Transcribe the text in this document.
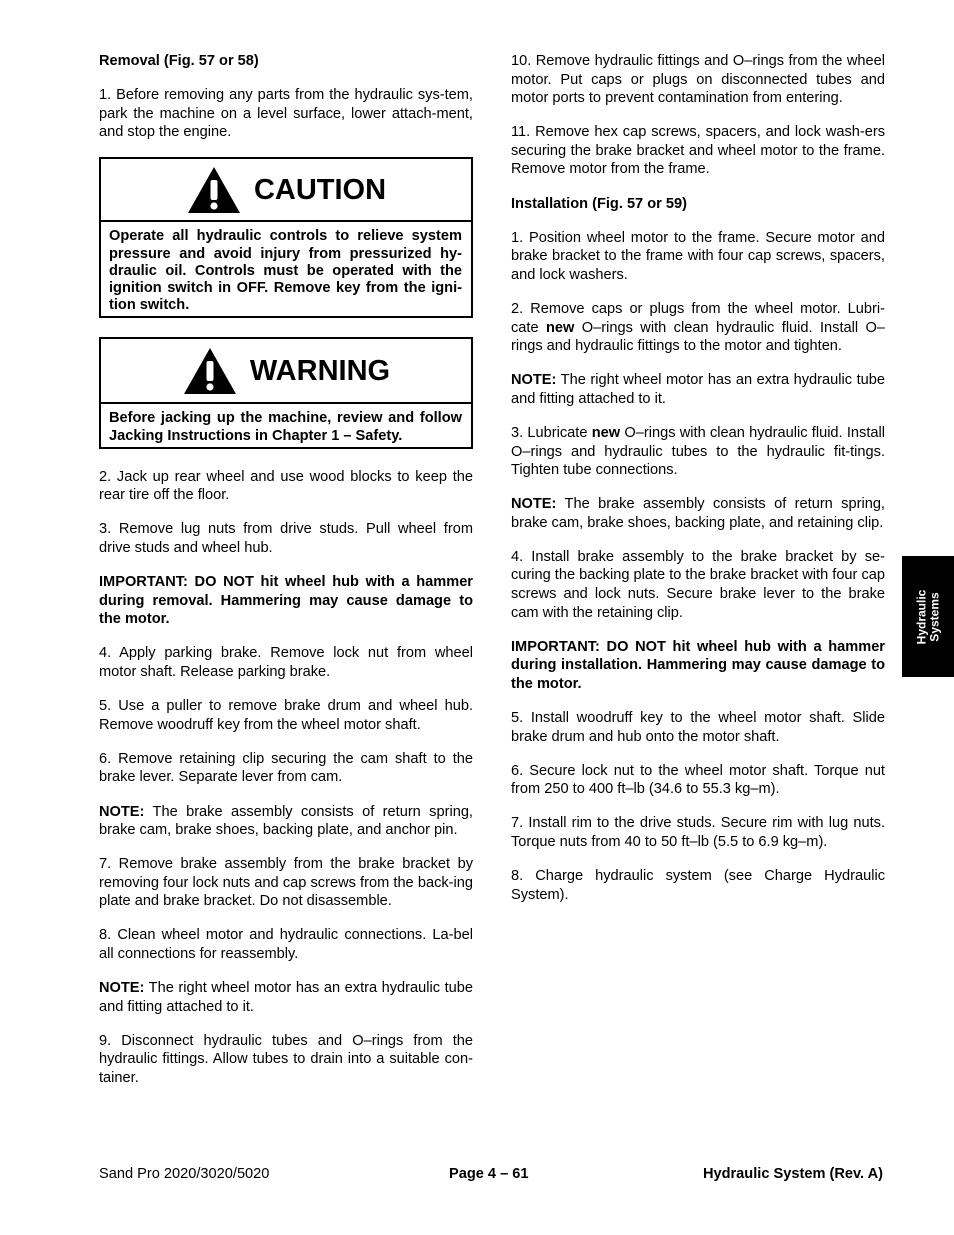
Removal (Fig. 57 or 58)
1. Before removing any parts from the hydraulic sys-tem, park the machine on a level surface, lower attach-ment, and stop the engine.
CAUTION
Operate all hydraulic controls to relieve system pressure and avoid injury from pressurized hy-draulic oil. Controls must be operated with the ignition switch in OFF. Remove key from the igni-tion switch.
WARNING
Before jacking up the machine, review and follow Jacking Instructions in Chapter 1 – Safety.
2. Jack up rear wheel and use wood blocks to keep the rear tire off the floor.
3. Remove lug nuts from drive studs. Pull wheel from drive studs and wheel hub.
IMPORTANT: DO NOT hit wheel hub with a hammer during removal. Hammering may cause damage to the motor.
4. Apply parking brake. Remove lock nut from wheel motor shaft. Release parking brake.
5. Use a puller to remove brake drum and wheel hub. Remove woodruff key from the wheel motor shaft.
6. Remove retaining clip securing the cam shaft to the brake lever. Separate lever from cam.
NOTE: The brake assembly consists of return spring, brake cam, brake shoes, backing plate, and anchor pin.
7. Remove brake assembly from the brake bracket by removing four lock nuts and cap screws from the back-ing plate and brake bracket. Do not disassemble.
8. Clean wheel motor and hydraulic connections. La-bel all connections for reassembly.
NOTE: The right wheel motor has an extra hydraulic tube and fitting attached to it.
9. Disconnect hydraulic tubes and O–rings from the hydraulic fittings. Allow tubes to drain into a suitable con-tainer.
10. Remove hydraulic fittings and O–rings from the wheel motor. Put caps or plugs on disconnected tubes and motor ports to prevent contamination from entering.
11. Remove hex cap screws, spacers, and lock wash-ers securing the brake bracket and wheel motor to the frame. Remove motor from the frame.
Installation (Fig. 57 or 59)
1. Position wheel motor to the frame. Secure motor and brake bracket to the frame with four cap screws, spacers, and lock washers.
2. Remove caps or plugs from the wheel motor. Lubri-cate new O–rings with clean hydraulic fluid. Install O–rings and hydraulic fittings to the motor and tighten.
NOTE: The right wheel motor has an extra hydraulic tube and fitting attached to it.
3. Lubricate new O–rings with clean hydraulic fluid. Install O–rings and hydraulic tubes to the hydraulic fit-tings. Tighten tube connections.
NOTE: The brake assembly consists of return spring, brake cam, brake shoes, backing plate, and retaining clip.
4. Install brake assembly to the brake bracket by se-curing the backing plate to the brake bracket with four cap screws and lock nuts. Secure brake lever to the brake cam with the retaining clip.
IMPORTANT: DO NOT hit wheel hub with a hammer during installation. Hammering may cause damage to the motor.
5. Install woodruff key to the wheel motor shaft. Slide brake drum and hub onto the motor shaft.
6. Secure lock nut to the wheel motor shaft. Torque nut from 250 to 400 ft–lb (34.6 to 55.3 kg–m).
7. Install rim to the drive studs. Secure rim with lug nuts. Torque nuts from 40 to 50 ft–lb (5.5 to 6.9 kg–m).
8. Charge hydraulic system (see Charge Hydraulic System).
Hydraulic Systems
Sand Pro 2020/3020/5020	Page 4 – 61	Hydraulic System (Rev. A)
